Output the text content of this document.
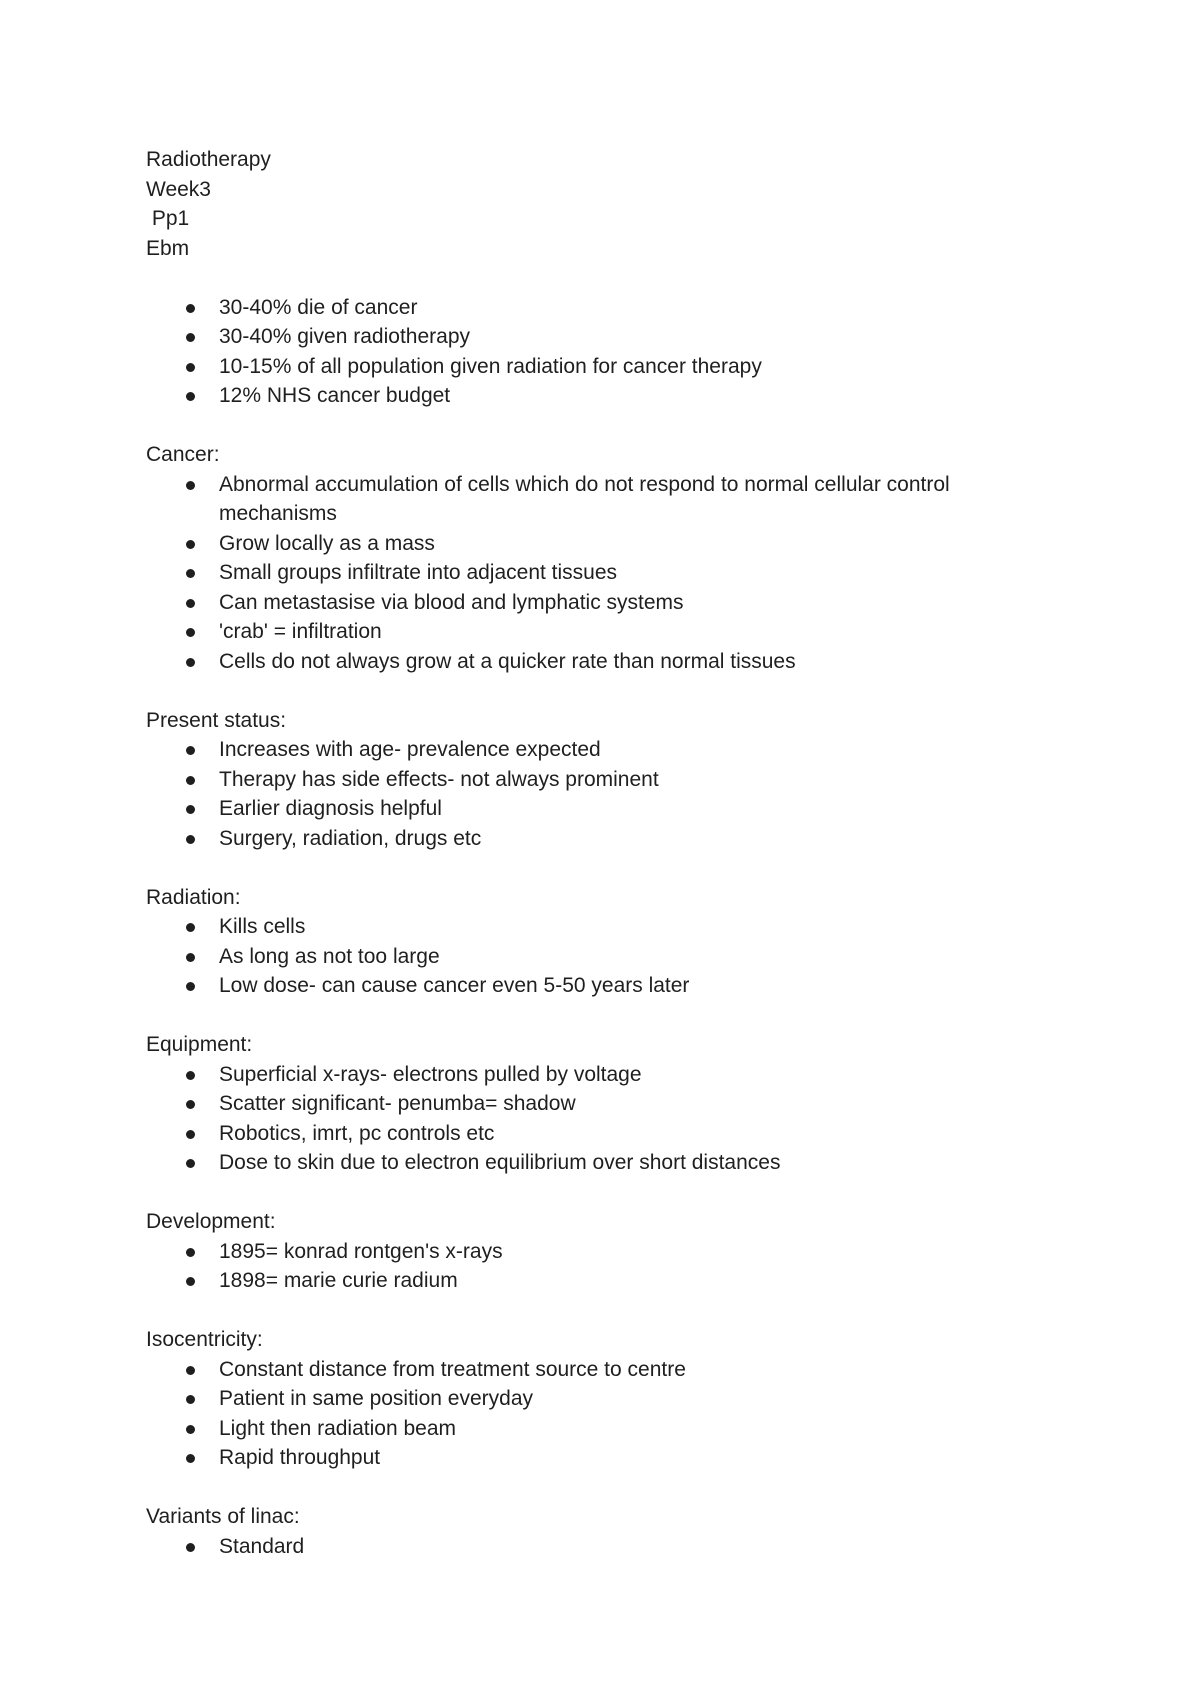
Radiotherapy
Week3
Pp1
Ebm
30-40% die of cancer
30-40% given radiotherapy
10-15% of all population given radiation for cancer therapy
12% NHS cancer budget
Cancer:
Abnormal accumulation of cells which do not respond to normal cellular control mechanisms
Grow locally as a mass
Small groups infiltrate into adjacent tissues
Can metastasise via blood and lymphatic systems
'crab' = infiltration
Cells do not always grow at a quicker rate than normal tissues
Present status:
Increases with age- prevalence expected
Therapy has side effects- not always prominent
Earlier diagnosis helpful
Surgery, radiation, drugs etc
Radiation:
Kills cells
As long as not too large
Low dose- can cause cancer even 5-50 years later
Equipment:
Superficial x-rays- electrons pulled by voltage
Scatter significant- penumba= shadow
Robotics, imrt, pc controls etc
Dose to skin due to electron equilibrium over short distances
Development:
1895= konrad rontgen's x-rays
1898= marie curie radium
Isocentricity:
Constant distance from treatment source to centre
Patient in same position everyday
Light then radiation beam
Rapid throughput
Variants of linac:
Standard
